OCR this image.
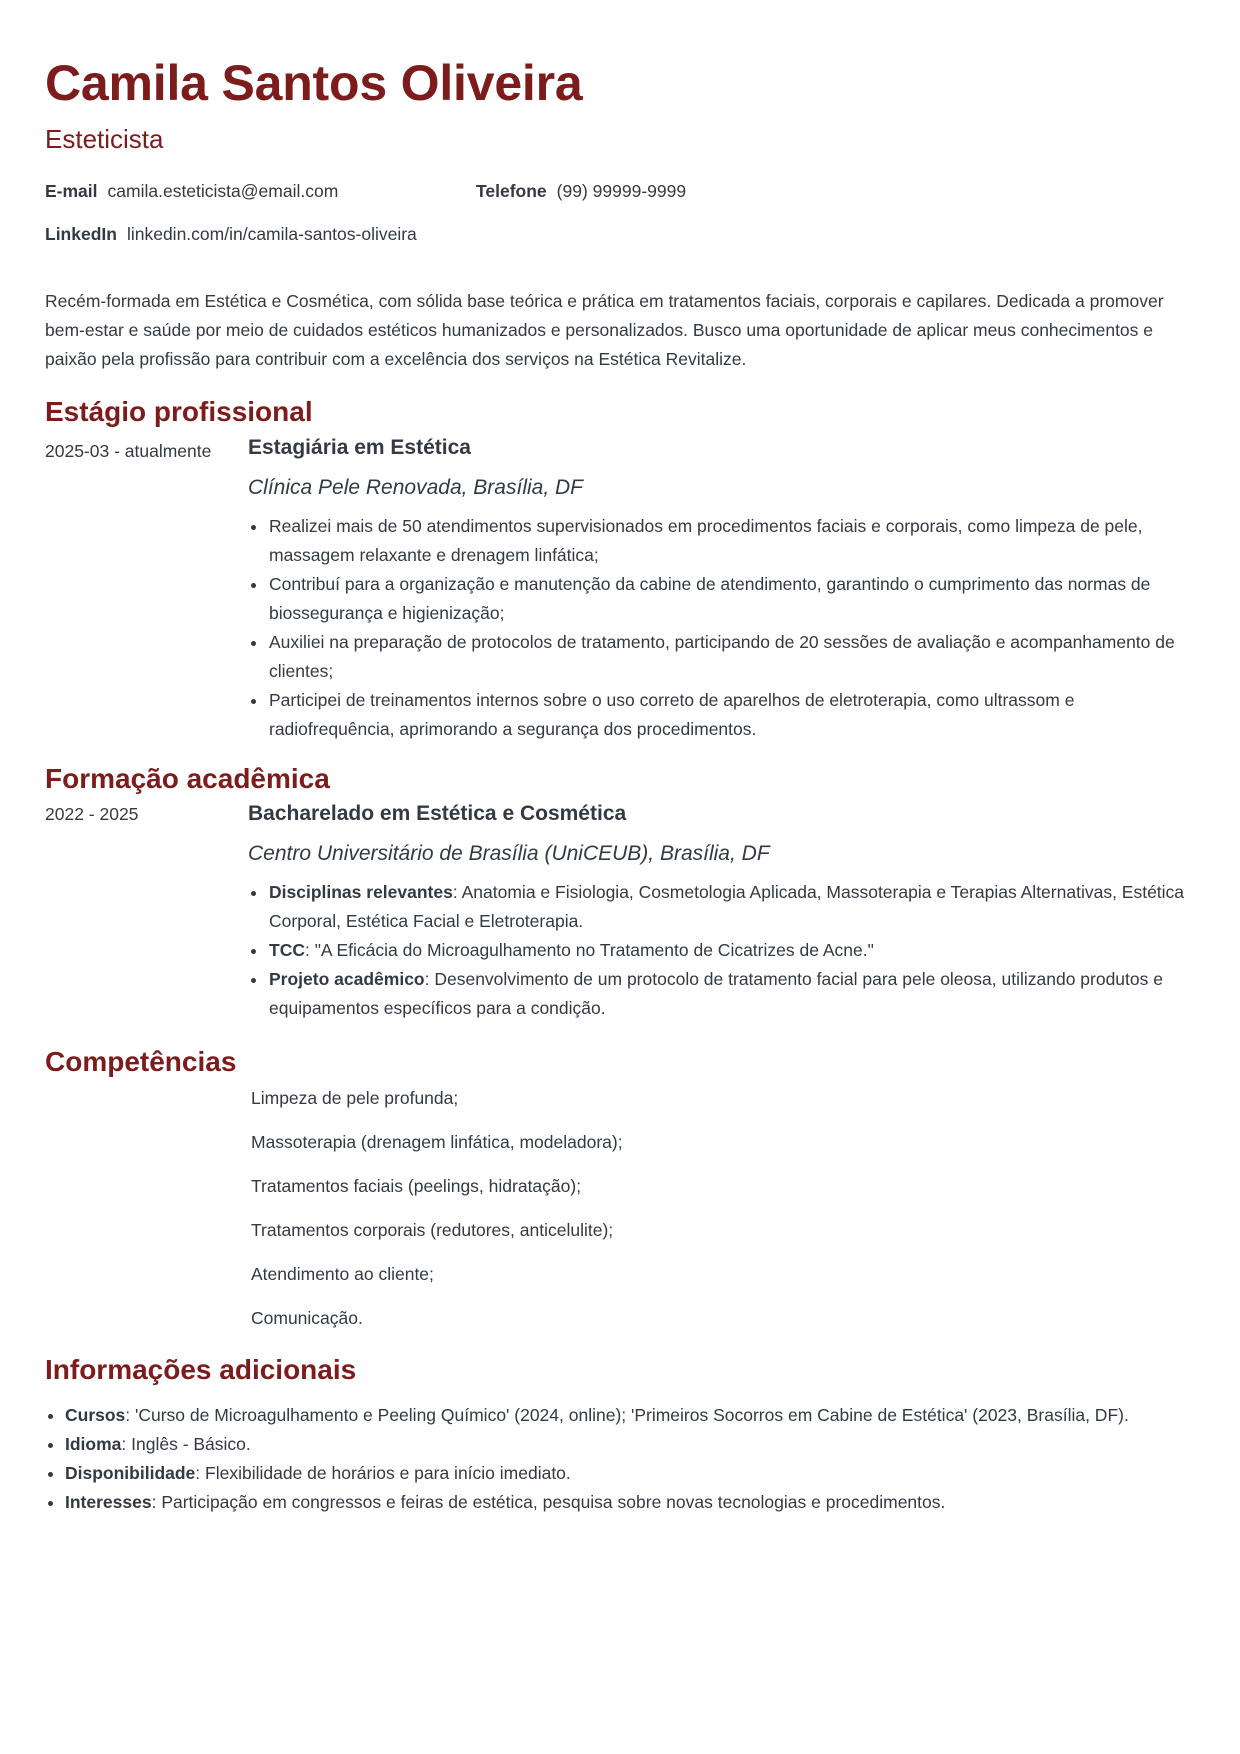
Camila Santos Oliveira
Esteticista
E-mail camila.esteticista@email.com	Telefone (99) 99999-9999
LinkedIn linkedin.com/in/camila-santos-oliveira
Recém-formada em Estética e Cosmética, com sólida base teórica e prática em tratamentos faciais, corporais e capilares. Dedicada a promover bem-estar e saúde por meio de cuidados estéticos humanizados e personalizados. Busco uma oportunidade de aplicar meus conhecimentos e paixão pela profissão para contribuir com a excelência dos serviços na Estética Revitalize.
Estágio profissional
2025-03 - atualmente	Estagiária em Estética
Clínica Pele Renovada, Brasília, DF
• Realizei mais de 50 atendimentos supervisionados em procedimentos faciais e corporais, como limpeza de pele, massagem relaxante e drenagem linfática;
• Contribuí para a organização e manutenção da cabine de atendimento, garantindo o cumprimento das normas de biossegurança e higienização;
• Auxiliei na preparação de protocolos de tratamento, participando de 20 sessões de avaliação e acompanhamento de clientes;
• Participei de treinamentos internos sobre o uso correto de aparelhos de eletroterapia, como ultrassom e radiofrequência, aprimorando a segurança dos procedimentos.
Formação acadêmica
2022 - 2025	Bacharelado em Estética e Cosmética
Centro Universitário de Brasília (UniCEUB), Brasília, DF
• Disciplinas relevantes: Anatomia e Fisiologia, Cosmetologia Aplicada, Massoterapia e Terapias Alternativas, Estética Corporal, Estética Facial e Eletroterapia.
• TCC: "A Eficácia do Microagulhamento no Tratamento de Cicatrizes de Acne."
• Projeto acadêmico: Desenvolvimento de um protocolo de tratamento facial para pele oleosa, utilizando produtos e equipamentos específicos para a condição.
Competências
Limpeza de pele profunda;
Massoterapia (drenagem linfática, modeladora);
Tratamentos faciais (peelings, hidratação);
Tratamentos corporais (redutores, anticelulite);
Atendimento ao cliente;
Comunicação.
Informações adicionais
• Cursos: 'Curso de Microagulhamento e Peeling Químico' (2024, online); 'Primeiros Socorros em Cabine de Estética' (2023, Brasília, DF).
• Idioma: Inglês - Básico.
• Disponibilidade: Flexibilidade de horários e para início imediato.
• Interesses: Participação em congressos e feiras de estética, pesquisa sobre novas tecnologias e procedimentos.
